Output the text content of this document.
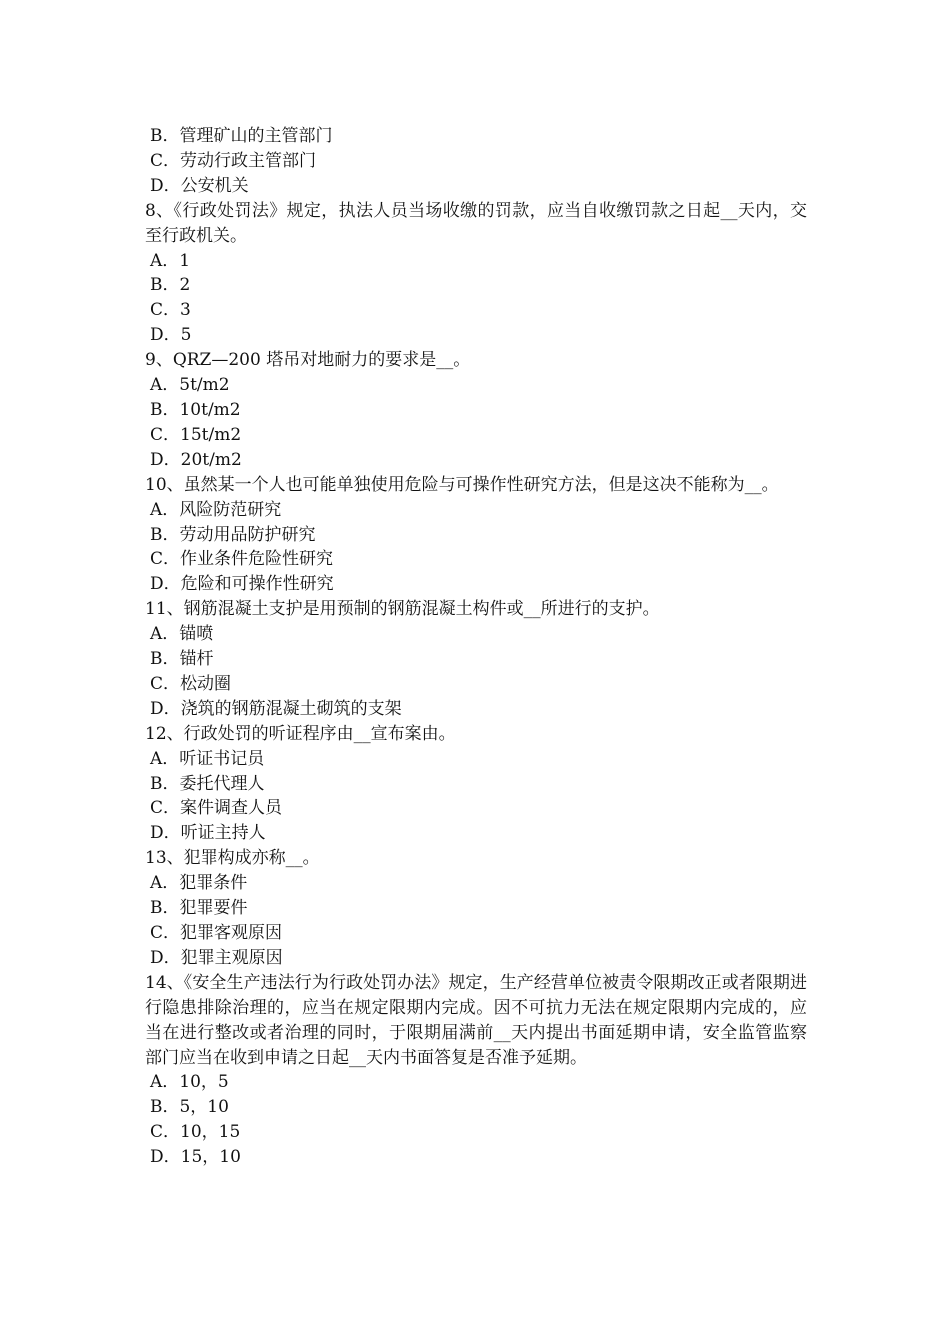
B．管理矿山的主管部门
C．劳动行政主管部门
D．公安机关
8、《行政处罚法》规定，执法人员当场收缴的罚款，应当自收缴罚款之日起__天内，交至行政机关。
A．1
B．2
C．3
D．5
9、QRZ—200 塔吊对地耐力的要求是__。
A．5t/m2
B．10t/m2
C．15t/m2
D．20t/m2
10、虽然某一个人也可能单独使用危险与可操作性研究方法，但是这决不能称为__。
A．风险防范研究
B．劳动用品防护研究
C．作业条件危险性研究
D．危险和可操作性研究
11、钢筋混凝土支护是用预制的钢筋混凝土构件或__所进行的支护。
A．锚喷
B．锚杆
C．松动圈
D．浇筑的钢筋混凝土砌筑的支架
12、行政处罚的听证程序由__宣布案由。
A．听证书记员
B．委托代理人
C．案件调查人员
D．听证主持人
13、犯罪构成亦称__。
A．犯罪条件
B．犯罪要件
C．犯罪客观原因
D．犯罪主观原因
14、《安全生产违法行为行政处罚办法》规定，生产经营单位被责令限期改正或者限期进行隐患排除治理的，应当在规定限期内完成。因不可抗力无法在规定限期内完成的，应当在进行整改或者治理的同时，于限期届满前__天内提出书面延期申请，安全监管监察部门应当在收到申请之日起__天内书面答复是否准予延期。
A．10，5
B．5，10
C．10，15
D．15，10
